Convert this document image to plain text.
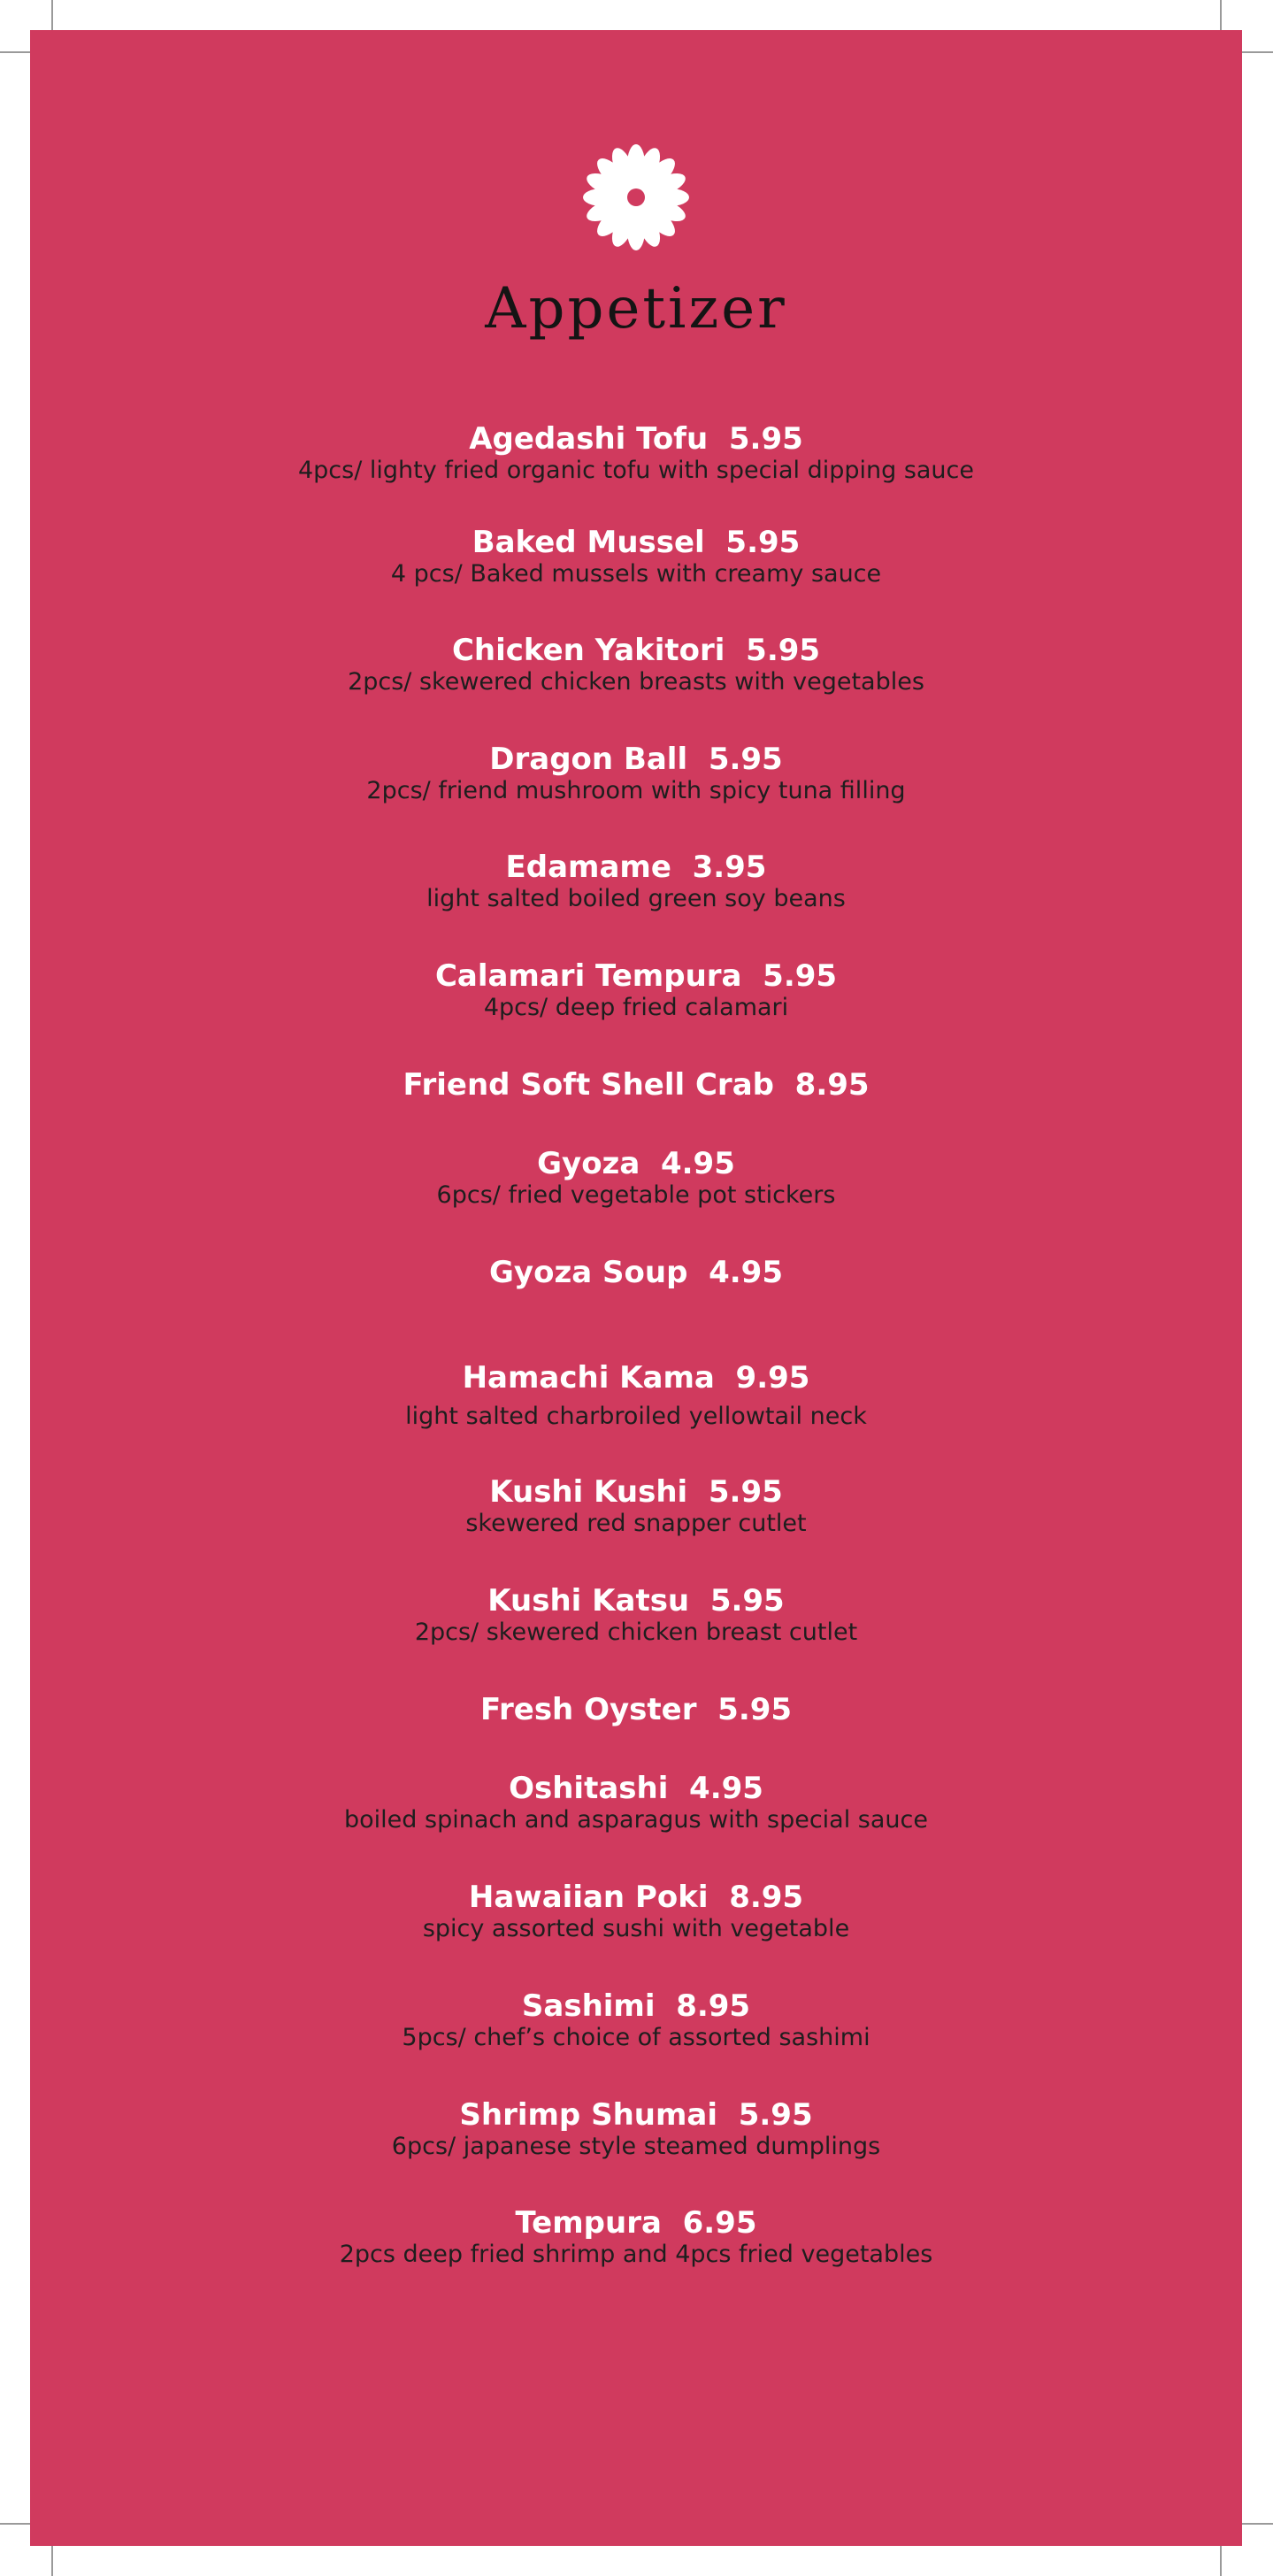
Appetizer
Agedashi Tofu 5.95
4pcs/ lighty fried organic tofu with special dipping sauce
Baked Mussel 5.95
4 pcs/ Baked mussels with creamy sauce
Chicken Yakitori 5.95
2pcs/ skewered chicken breasts with vegetables
Dragon Ball 5.95
2pcs/ friend mushroom with spicy tuna filling
Edamame 3.95
light salted boiled green soy beans
Calamari Tempura 5.95
4pcs/ deep fried calamari
Friend Soft Shell Crab 8.95
Gyoza 4.95
6pcs/ fried vegetable pot stickers
Gyoza Soup 4.95
Hamachi Kama 9.95
light salted charbroiled yellowtail neck
Kushi Kushi 5.95
skewered red snapper cutlet
Kushi Katsu 5.95
2pcs/ skewered chicken breast cutlet
Fresh Oyster 5.95
Oshitashi 4.95
boiled spinach and asparagus with special sauce
Hawaiian Poki 8.95
spicy assorted sushi with vegetable
Sashimi 8.95
5pcs/ chef’s choice of assorted sashimi
Shrimp Shumai 5.95
6pcs/ japanese style steamed dumplings
Tempura 6.95
2pcs deep fried shrimp and 4pcs fried vegetables
